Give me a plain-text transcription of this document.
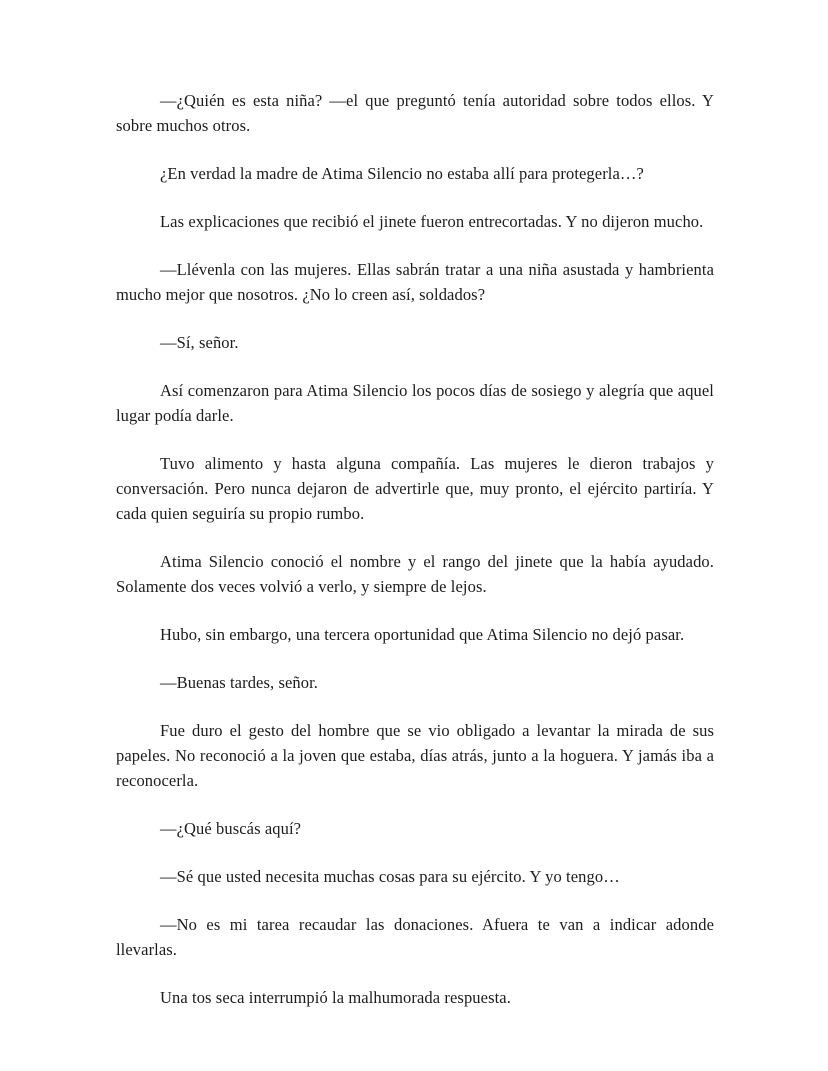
—¿Quién es esta niña? —el que preguntó tenía autoridad sobre todos ellos. Y sobre muchos otros.

¿En verdad la madre de Atima Silencio no estaba allí para protegerla…?

Las explicaciones que recibió el jinete fueron entrecortadas. Y no dijeron mucho.

—Llévenla con las mujeres. Ellas sabrán tratar a una niña asustada y hambrienta mucho mejor que nosotros. ¿No lo creen así, soldados?

—Sí, señor.

Así comenzaron para Atima Silencio los pocos días de sosiego y alegría que aquel lugar podía darle.

Tuvo alimento y hasta alguna compañía. Las mujeres le dieron trabajos y conversación. Pero nunca dejaron de advertirle que, muy pronto, el ejército partiría. Y cada quien seguiría su propio rumbo.

Atima Silencio conoció el nombre y el rango del jinete que la había ayudado. Solamente dos veces volvió a verlo, y siempre de lejos.

Hubo, sin embargo, una tercera oportunidad que Atima Silencio no dejó pasar.

—Buenas tardes, señor.

Fue duro el gesto del hombre que se vio obligado a levantar la mirada de sus papeles. No reconoció a la joven que estaba, días atrás, junto a la hoguera. Y jamás iba a reconocerla.

—¿Qué buscás aquí?

—Sé que usted necesita muchas cosas para su ejército. Y yo tengo…

—No es mi tarea recaudar las donaciones. Afuera te van a indicar adonde llevarlas.

Una tos seca interrumpió la malhumorada respuesta.
